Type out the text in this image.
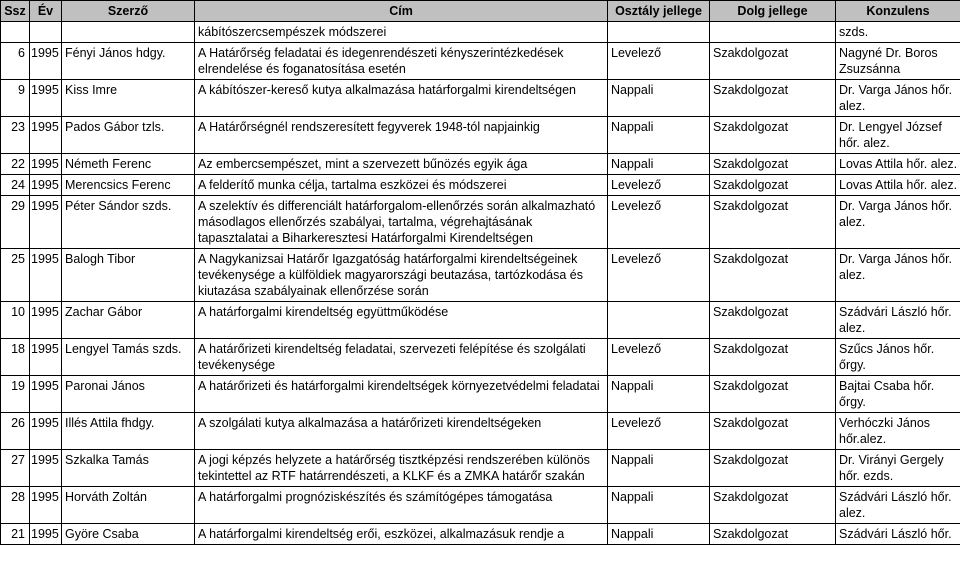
Ssz	Év	Szerző	Cím	Osztály jellege	Dolg jellege	Konzulens
			kábítószercsempészek módszerei			szds.
6	1995	Fényi János hdgy.	A Határőrség feladatai és idegenrendészeti kényszerintézkedések elrendelése és foganatosítása esetén	Levelező	Szakdolgozat	Nagyné Dr. Boros Zsuzsánna
9	1995	Kiss Imre	A kábítószer-kereső kutya alkalmazása határforgalmi kirendeltségen	Nappali	Szakdolgozat	Dr. Varga János hőr. alez.
23	1995	Pados Gábor tzls.	A Határőrségnél rendszeresített fegyverek 1948-tól napjainkig	Nappali	Szakdolgozat	Dr. Lengyel József hőr. alez.
22	1995	Németh Ferenc	Az embercsempészet, mint a szervezett bűnözés egyik ága	Nappali	Szakdolgozat	Lovas Attila hőr. alez.
24	1995	Merencsics Ferenc	A felderítő munka célja, tartalma eszközei és módszerei	Levelező	Szakdolgozat	Lovas Attila hőr. alez.
29	1995	Péter Sándor szds.	A szelektív és differenciált határforgalom-ellenőrzés során alkalmazható másodlagos ellenőrzés szabályai, tartalma, végrehajtásának tapasztalatai a Biharkeresztesi Határforgalmi Kirendeltségen	Levelező	Szakdolgozat	Dr. Varga János hőr. alez.
25	1995	Balogh Tibor	A Nagykanizsai Határőr Igazgatóság határforgalmi kirendeltségeinek tevékenysége a külföldiek magyarországi beutazása, tartózkodása és kiutazása szabályainak ellenőrzése során	Levelező	Szakdolgozat	Dr. Varga János hőr. alez.
10	1995	Zachar Gábor	A határforgalmi kirendeltség együttműködése		Szakdolgozat	Szádvári László hőr. alez.
18	1995	Lengyel Tamás szds.	A határőrizeti kirendeltség feladatai, szervezeti felépítése és szolgálati tevékenysége	Levelező	Szakdolgozat	Szűcs János hőr. őrgy.
19	1995	Paronai János	A határőrizeti és határforgalmi kirendeltségek környezetvédelmi feladatai	Nappali	Szakdolgozat	Bajtai Csaba hőr. őrgy.
26	1995	Illés Attila fhdgy.	A szolgálati kutya alkalmazása a határőrizeti kirendeltségeken	Levelező	Szakdolgozat	Verhóczki János hőr.alez.
27	1995	Szkalka Tamás	A jogi képzés helyzete a határőrség tisztképzési rendszerében különös tekintettel az RTF határrendészeti, a KLKF és a ZMKA határőr szakán	Nappali	Szakdolgozat	Dr. Virányi Gergely hőr. ezds.
28	1995	Horváth Zoltán	A határforgalmi prognóziskészítés és számítógépes támogatása	Nappali	Szakdolgozat	Szádvári László hőr. alez.
21	1995	Györe Csaba	A határforgalmi kirendeltség erői, eszközei, alkalmazásuk rendje a	Nappali	Szakdolgozat	Szádvári László hőr.
